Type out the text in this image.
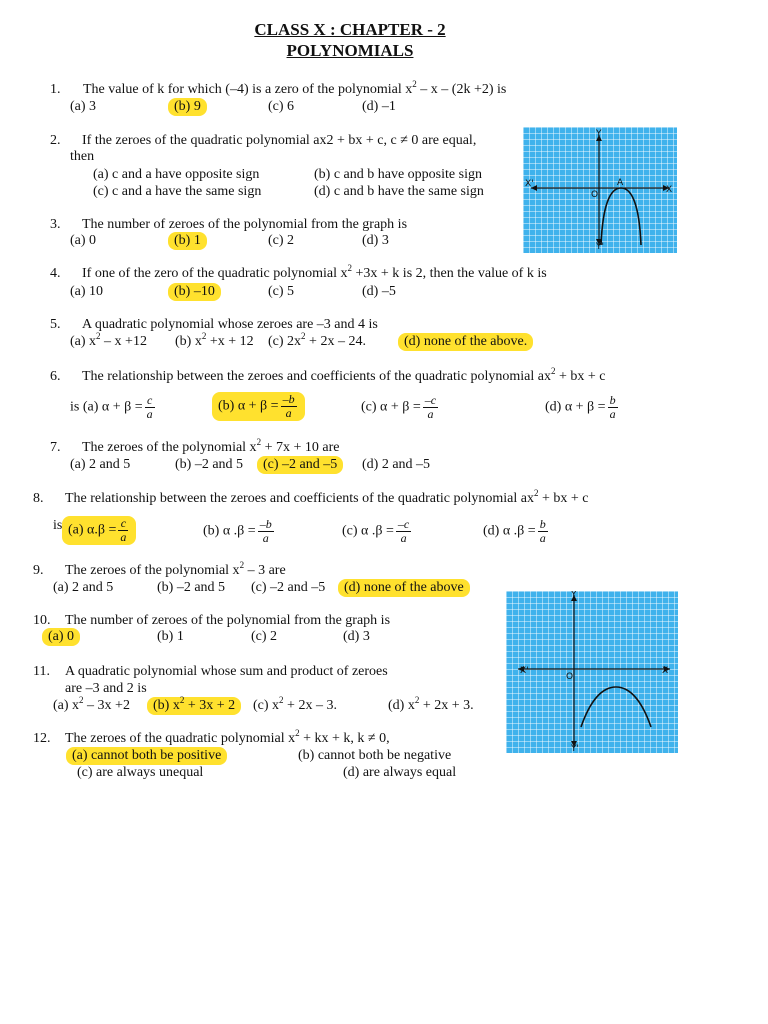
CLASS X : CHAPTER - 2
POLYNOMIALS
1. The value of k for which (–4) is a zero of the polynomial $x^2 - x - (2k +2)$ is
(a) 3	(b) 9	(c) 6	(d) –1
2. If the zeroes of the quadratic polynomial ax2 + bx + c, c ≠ 0 are equal,
then
(a) c and a have opposite sign	(b) c and b have opposite sign
(c) c and a have the same sign	(d) c and b have the same sign	X
X'
Y
Y'
O
A
3. The number of zeroes of the polynomial from the graph is
(a) 0	(b) 1	(c) 2	(d) 3
4. If one of the zero of the quadratic polynomial $x^2 +3x + k$ is 2, then the value of k is
(a) 10	(b) –10	(c) 5	(d) –5
5. A quadratic polynomial whose zeroes are –3 and 4 is
(a) $x^2 - x +12$ (b) $x^2 +x + 12$ (c) $2x^2 + 2x - 24$.	(d) none of the above.
6. The relationship between the zeroes and coefficients of the quadratic polynomial $ax^2$ + bx + c
is (a) $\alpha + \beta = \frac{c}{a}$	(b) $\alpha + \beta = \frac{-b}{a}$	(c) $\alpha + \beta = \frac{-c}{a}$	(d) $\alpha + \beta = \frac{b}{a}$
7. The zeroes of the polynomial $x^2 + 7x + 10$ are
(a) 2 and 5	(b) –2 and 5	(c) –2 and –5	(d) 2 and –5
8. The relationship between the zeroes and coefficients of the quadratic polynomial $ax^2$ + bx + c
is (a) $\alpha.\beta = \frac{c}{a}$	(b) α $.\beta = \frac{-b}{a}$	(c) α $.\beta = \frac{-c}{a}$	(d) α $.\beta = \frac{b}{a}$
9. The zeroes of the polynomial $x^2 - 3$ are
(a) 2 and 5	(b) –2 and 5 (c) –2 and –5	(d) none of the above
X
X'
Y
Y'
O
10. The number of zeroes of the polynomial from the graph is
(a) 0	(b) 1	(c) 2	(d) 3
11. A quadratic polynomial whose sum and product of zeroes
are –3 and 2 is
(a) $x^2 - 3x +2$	(b) $x^2 + 3x + 2$	(c) $x^2 + 2x - 3$.	(d) $x^2 + 2x + 3$.
12. The zeroes of the quadratic polynomial $x^2$ + kx + k, k ≠ 0,
(a) cannot both be positive	(b) cannot both be negative
(c) are always unequal	(d) are always equal
